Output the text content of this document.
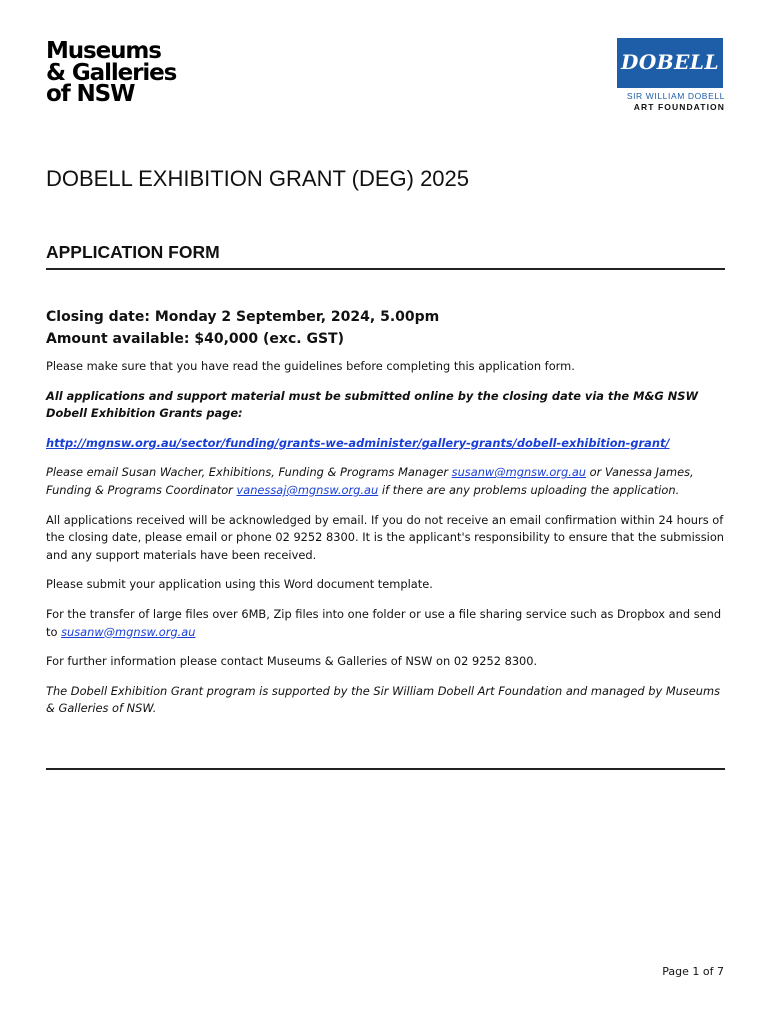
Museums
& Galleries
of NSW
DOBELL
SIR WILLIAM DOBELL
ART FOUNDATION
DOBELL EXHIBITION GRANT (DEG) 2025
APPLICATION FORM

Closing date: Monday 2 September, 2024, 5.00pm

Amount available: $40,000 (exc. GST)

Please make sure that you have read the guidelines before completing this application form.

All applications and support material must be submitted online by the closing date via the M&G NSW Dobell Exhibition Grants page:

http://mgnsw.org.au/sector/funding/grants-we-administer/gallery-grants/dobell-exhibition-grant/

Please email Susan Wacher, Exhibitions, Funding & Programs Manager susanw@mgnsw.org.au or Vanessa James, Funding & Programs Coordinator vanessaj@mgnsw.org.au if there are any problems uploading the application.

All applications received will be acknowledged by email. If you do not receive an email confirmation within 24 hours of the closing date, please email or phone 02 9252 8300. It is the applicant's responsibility to ensure that the submission and any support materials have been received.

Please submit your application using this Word document template.

For the transfer of large files over 6MB, Zip files into one folder or use a file sharing service such as Dropbox and send to susanw@mgnsw.org.au

For further information please contact Museums & Galleries of NSW on 02 9252 8300.

The Dobell Exhibition Grant program is supported by the Sir William Dobell Art Foundation and managed by Museums & Galleries of NSW.

Page 1 of 7
